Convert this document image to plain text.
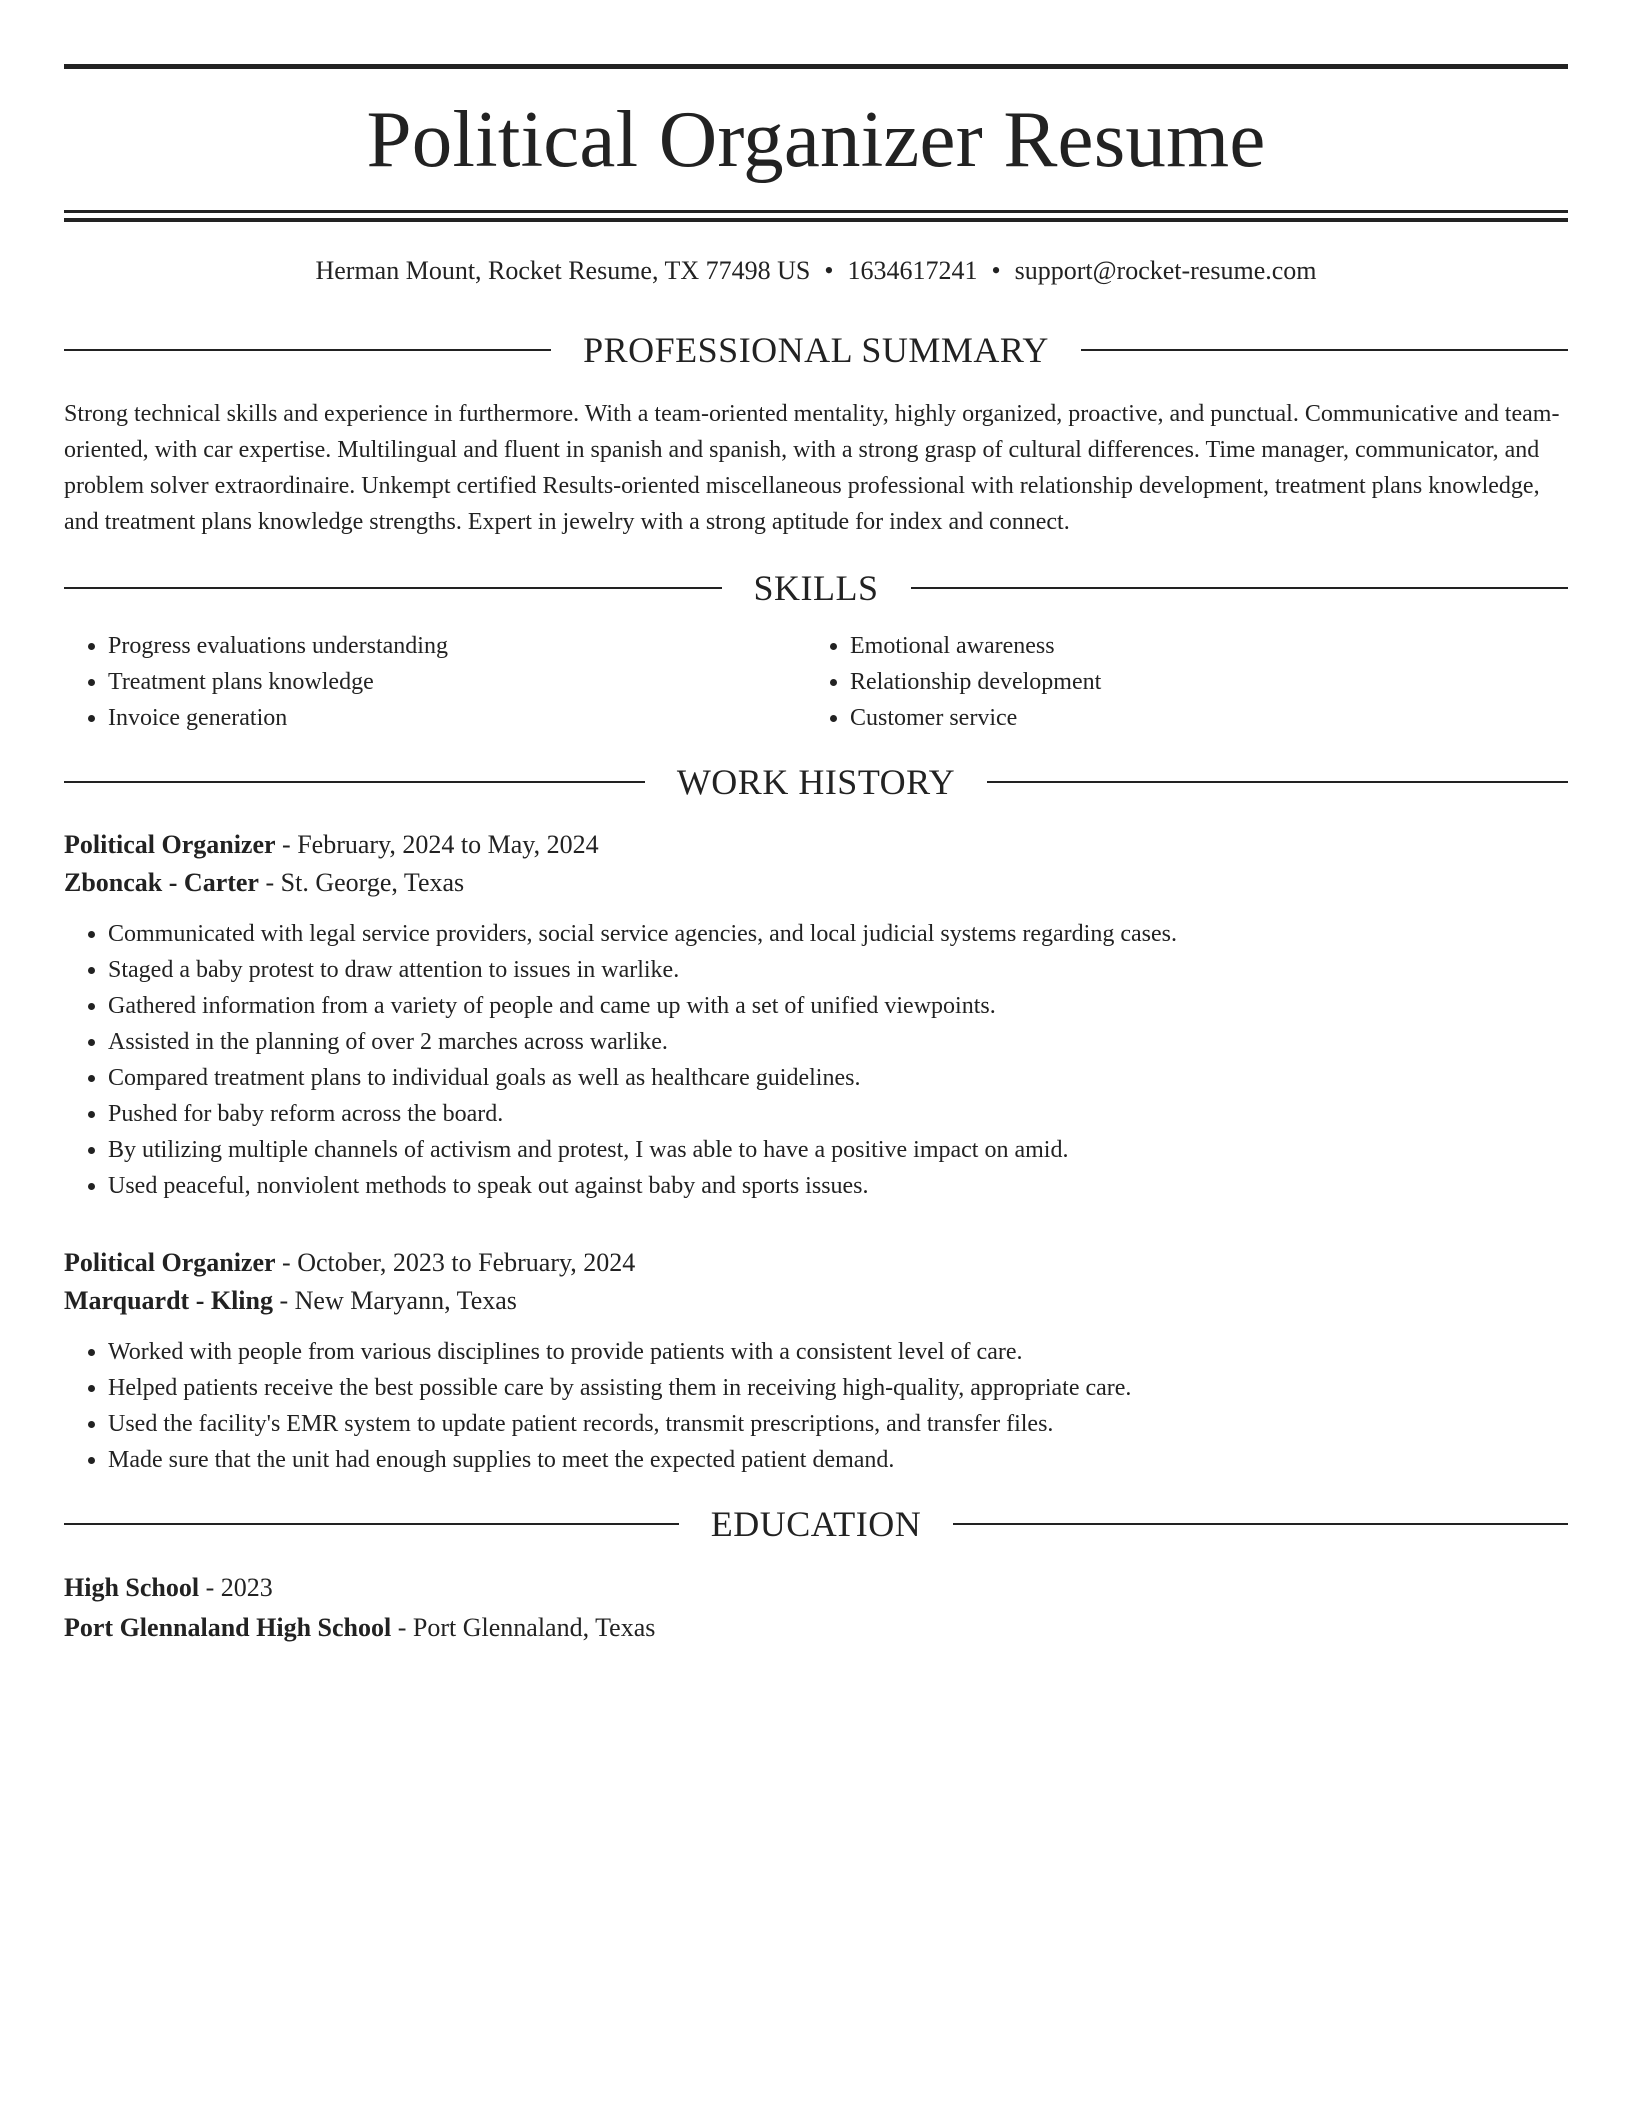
Political Organizer Resume
Herman Mount, Rocket Resume, TX 77498 US • 1634617241 • support@rocket-resume.com
PROFESSIONAL SUMMARY

Strong technical skills and experience in furthermore. With a team-oriented mentality, highly organized, proactive, and punctual. Communicative and team-oriented, with car expertise. Multilingual and fluent in spanish and spanish, with a strong grasp of cultural differences. Time manager, communicator, and problem solver extraordinaire. Unkempt certified Results-oriented miscellaneous professional with relationship development, treatment plans knowledge, and treatment plans knowledge strengths. Expert in jewelry with a strong aptitude for index and connect.

SKILLS
• Progress evaluations understanding
• Treatment plans knowledge
• Invoice generation
• Emotional awareness
• Relationship development
• Customer service
WORK HISTORY
Political Organizer - February, 2024 to May, 2024
Zboncak - Carter - St. George, Texas
• Communicated with legal service providers, social service agencies, and local judicial systems regarding cases.
• Staged a baby protest to draw attention to issues in warlike.
• Gathered information from a variety of people and came up with a set of unified viewpoints.
• Assisted in the planning of over 2 marches across warlike.
• Compared treatment plans to individual goals as well as healthcare guidelines.
• Pushed for baby reform across the board.
• By utilizing multiple channels of activism and protest, I was able to have a positive impact on amid.
• Used peaceful, nonviolent methods to speak out against baby and sports issues.
Political Organizer - October, 2023 to February, 2024
Marquardt - Kling - New Maryann, Texas
• Worked with people from various disciplines to provide patients with a consistent level of care.
• Helped patients receive the best possible care by assisting them in receiving high-quality, appropriate care.
• Used the facility's EMR system to update patient records, transmit prescriptions, and transfer files.
• Made sure that the unit had enough supplies to meet the expected patient demand.
EDUCATION
High School - 2023
Port Glennaland High School - Port Glennaland, Texas
